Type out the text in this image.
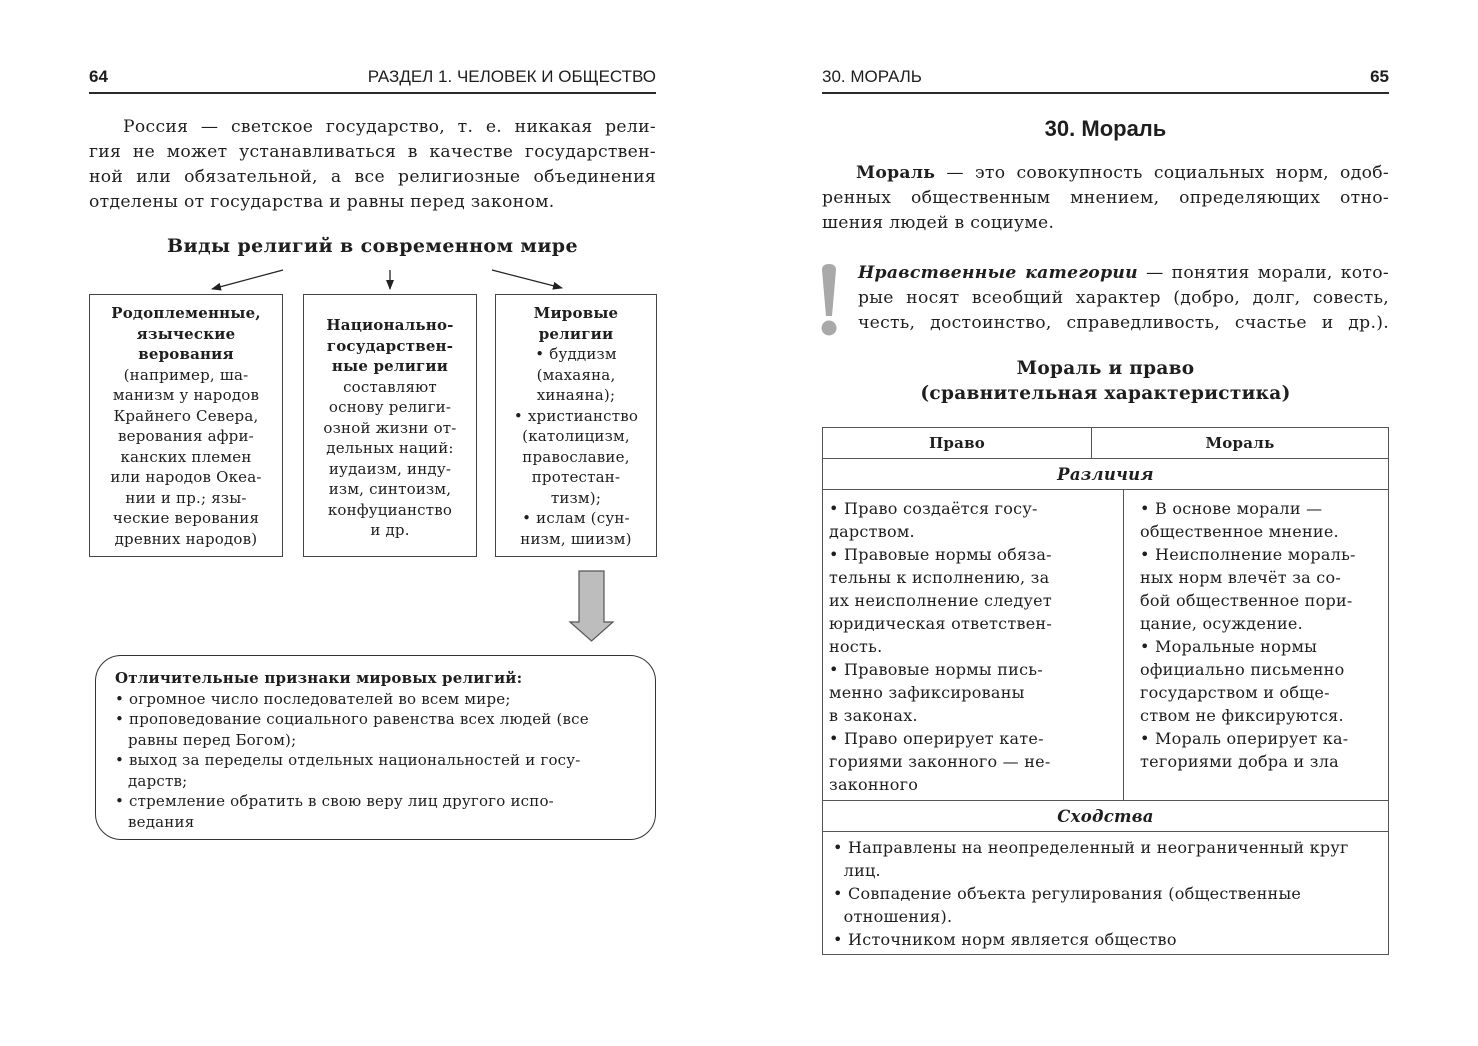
64	РАЗДЕЛ 1. ЧЕЛОВЕК И ОБЩЕСТВО
Россия — светское государство, т. е. никакая рели-
гия не может устанавливаться в качестве государствен-
ной или обязательной, а все религиозные объединения
отделены от государства и равны перед законом.
Виды религий в современном мире
Родоплеменные,
языческие
верования
(например, ша-
манизм у народов
Крайнего Севера,
верования афри-
канских племен
или народов Океа-
нии и пр.; язы-
ческие верования
древних народов)
Национально-
государствен-
ные религии
составляют
основу религи-
озной жизни от-
дельных наций:
иудаизм, инду-
изм, синтоизм,
конфуцианство
и др.
Мировые
религии
• буддизм
(махаяна,
хинаяна);
• христианство
(католицизм,
православие,
протестан-
тизм);
• ислам (сун-
низм, шиизм)
Отличительные признаки мировых религий:
• огромное число последователей во всем мире;
• проповедование социального равенства всех людей (все
равны перед Богом);
• выход за переделы отдельных национальностей и госу-
дарств;
• стремление обратить в свою веру лиц другого испо-
ведания
30. МОРАЛЬ	65
30. Мораль
Мораль — это совокупность социальных норм, одоб-
ренных общественным мнением, определяющих отно-
шения людей в социуме.
Нравственные категории — понятия морали, кото-
рые носят всеобщий характер (добро, долг, совесть,
честь, достоинство, справедливость, счастье и др.).
Мораль и право
(сравнительная характеристика)
Право	Мораль
Различия

• Право создаётся госу-
дарством.
• Правовые нормы обяза-
тельны к исполнению, за
их неисполнение следует
юридическая ответствен-
ность.
• Правовые нормы пись-
менно зафиксированы
в законах.
• Право оперирует кате-
гориями законного — не-
законного

• В основе морали —
общественное мнение.
• Неисполнение мораль-
ных норм влечёт за со-
бой общественное пори-
цание, осуждение.
• Моральные нормы
официально письменно
государством и обще-
ством не фиксируются.
• Мораль оперирует ка-
тегориями добра и зла

Сходства

• Направлены на неопределенный и неограниченный круг
лиц.
• Совпадение объекта регулирования (общественные
отношения).
• Источником норм является общество
